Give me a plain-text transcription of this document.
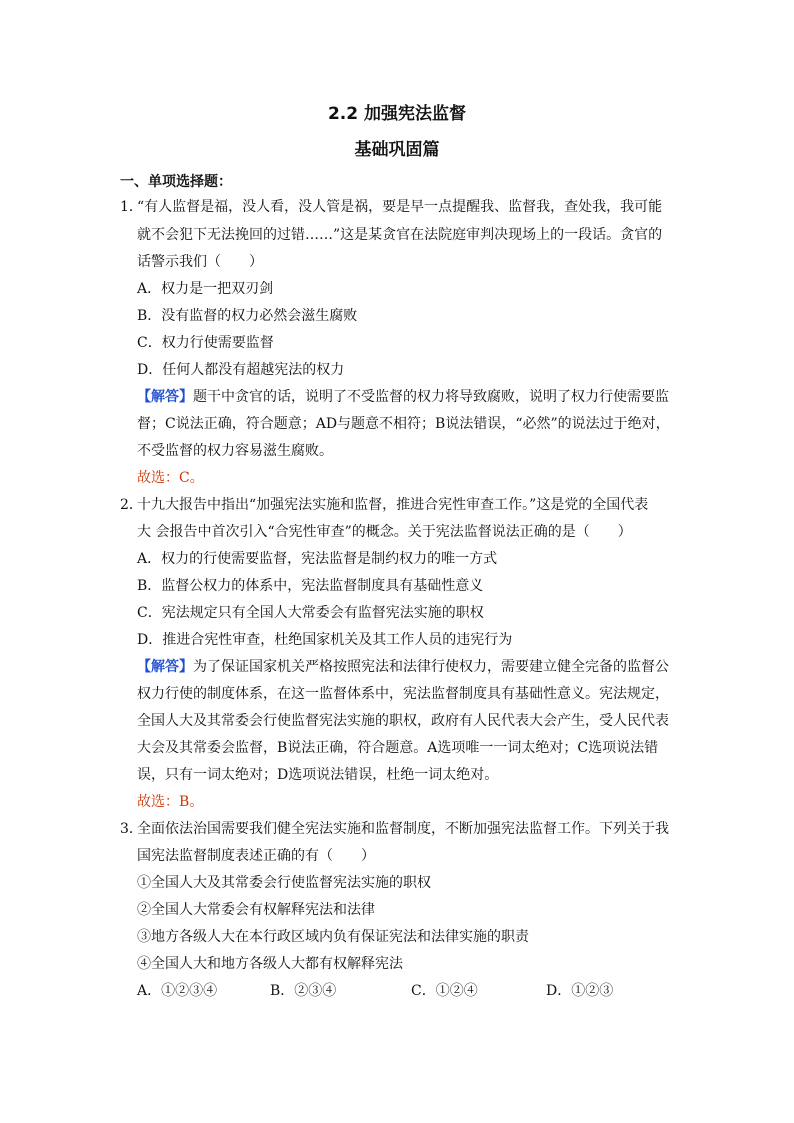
2.2 加强宪法监督
基础巩固篇
一、单项选择题：
1．
“有人监督是福，没人看，没人管是祸，要是早一点提醒我、监督我，查处我，我可能
就不会犯下无法挽回的过错……”这是某贪官在法院庭审判决现场上的一段话。贪官的
话警示我们（　　）
A．权力是一把双刃剑
B．没有监督的权力必然会滋生腐败
C．权力行使需要监督
D．任何人都没有超越宪法的权力
【解答】题干中贪官的话，说明了不受监督的权力将导致腐败，说明了权力行使需要监
督；C说法正确，符合题意；AD与题意不相符；B说法错误，“必然”的说法过于绝对，
不受监督的权力容易滋生腐败。
故选：C。
2．
十九大报告中指出“加强宪法实施和监督，推进合宪性审查工作。”这是党的全国代表
大 会报告中首次引入“合宪性审查”的概念。关于宪法监督说法正确的是（　　）
A．权力的行使需要监督，宪法监督是制约权力的唯一方式
B．监督公权力的体系中，宪法监督制度具有基础性意义
C．宪法规定只有全国人大常委会有监督宪法实施的职权
D．推进合宪性审查，杜绝国家机关及其工作人员的违宪行为
【解答】为了保证国家机关严格按照宪法和法律行使权力，需要建立健全完备的监督公
权力行使的制度体系，在这一监督体系中，宪法监督制度具有基础性意义。宪法规定，
全国人大及其常委会行使监督宪法实施的职权，政府有人民代表大会产生，受人民代表
大会及其常委会监督，B说法正确，符合题意。A选项唯一一词太绝对；C选项说法错
误，只有一词太绝对；D选项说法错误，杜绝一词太绝对。
故选：B。
3．
全面依法治国需要我们健全宪法实施和监督制度，不断加强宪法监督工作。下列关于我
国宪法监督制度表述正确的有（　　）
①全国人大及其常委会行使监督宪法实施的职权
②全国人大常委会有权解释宪法和法律
③地方各级人大在本行政区域内负有保证宪法和法律实施的职责
④全国人大和地方各级人大都有权解释宪法
A．①②③④	B．②③④	C．①②④	D．①②③
